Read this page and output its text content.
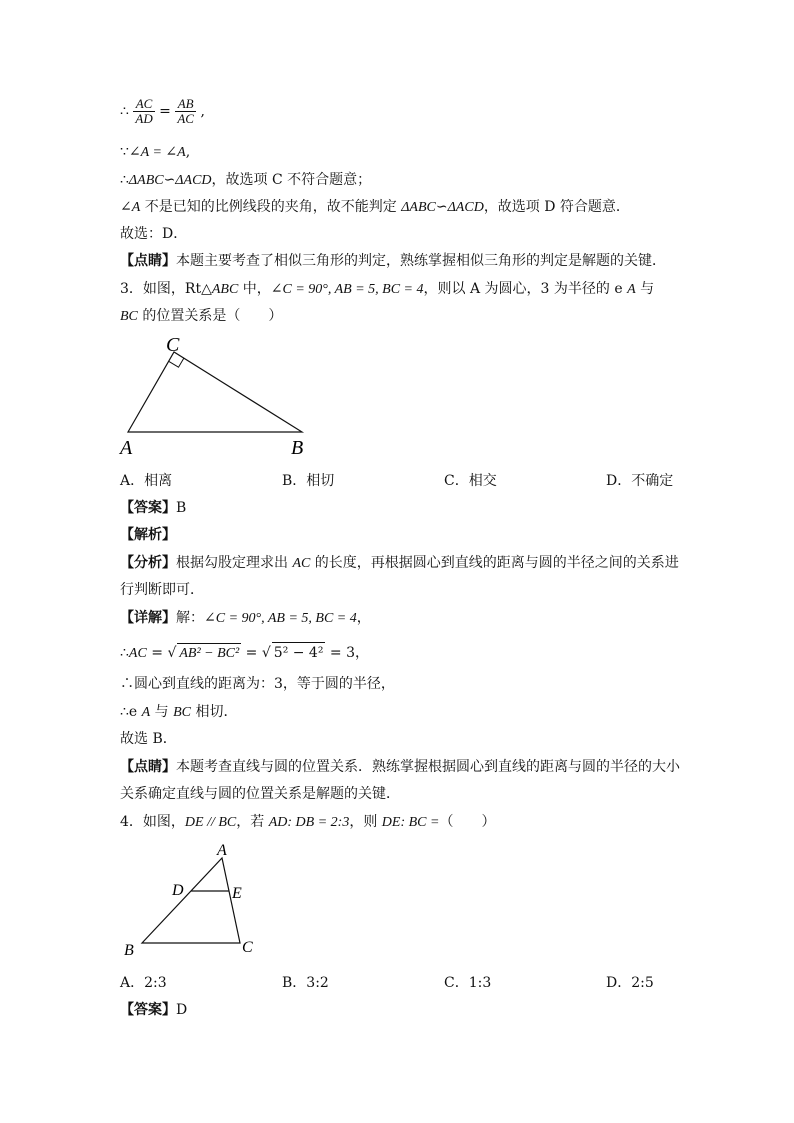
∴ $\frac{AC}{AD} = \frac{AB}{AC}$ ,
∵∠A = ∠A,
∴ΔABC∽ΔACD，故选项 C 不符合题意；
∠A 不是已知的比例线段的夹角，故不能判定 ΔABC∽ΔACD，故选项 D 符合题意．
故选：D．
【点睛】本题主要考查了相似三角形的判定，熟练掌握相似三角形的判定是解题的关键．
3．如图，Rt△ABC 中，∠C = 90°, AB = 5, BC = 4，则以 A 为圆心，3 为半径的 e A 与
BC 的位置关系是（　　）
C
A	B
A．相离	B．相切	C．相交	D．不确定
【答案】B
【解析】
【分析】根据勾股定理求出 AC 的长度，再根据圆心到直线的距离与圆的半径之间的关系进
行判断即可．
【详解】解：∠C = 90°, AB = 5, BC = 4，
∴AC = √ AB² − BC² = √ 5² − 4² = 3，
∴圆心到直线的距离为：3，等于圆的半径，
∴e A 与 BC 相切．
故选 B．
【点睛】本题考查直线与圆的位置关系．熟练掌握根据圆心到直线的距离与圆的半径的大小
关系确定直线与圆的位置关系是解题的关键．
4．如图，DE // BC，若 AD: DB = 2:3，则 DE: BC =（　　）
A
D	E
B	C
A．2:3	B．3:2	C．1:3	D．2:5
【答案】D
